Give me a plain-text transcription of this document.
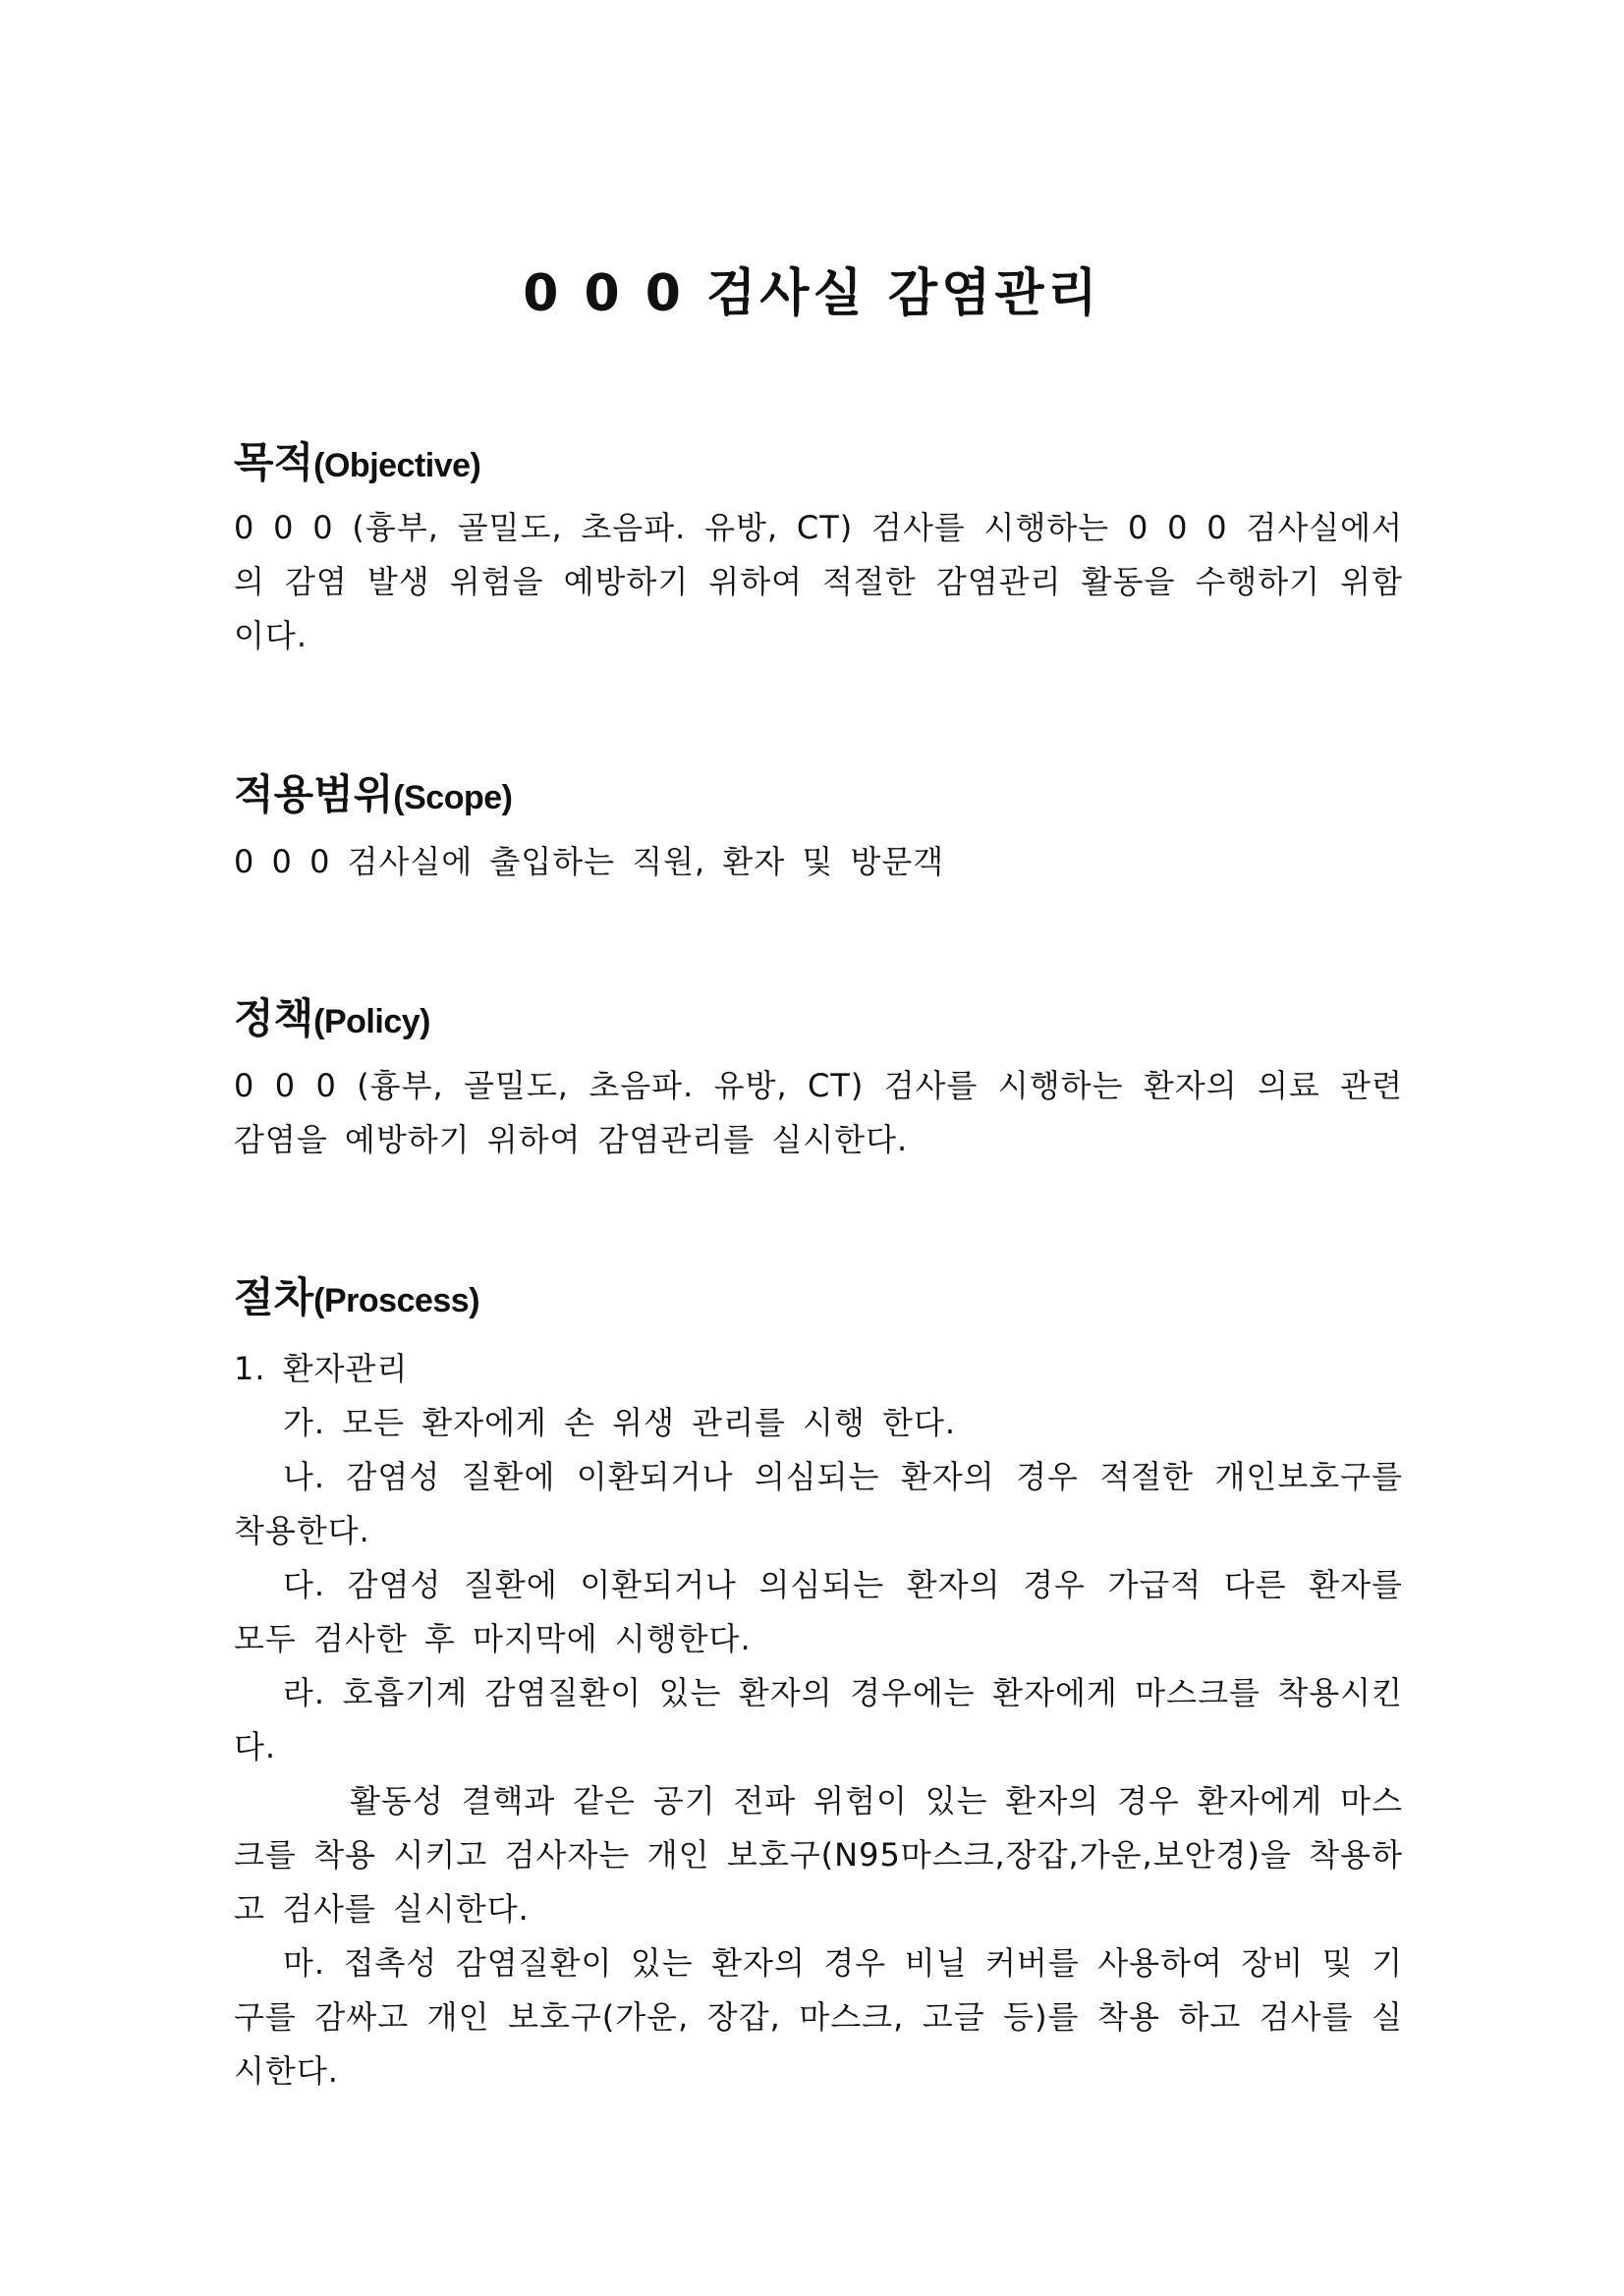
0 0 0 검사실 감염관리
목적(Objective)

0 0 0 (흉부, 골밀도, 초음파. 유방, CT) 검사를 시행하는 0 0 0 검사실에서의 감염 발생 위험을 예방하기 위하여 적절한 감염관리 활동을 수행하기 위함이다.

적용범위(Scope)

0 0 0 검사실에 출입하는 직원, 환자 및 방문객

정책(Policy)

0 0 0 (흉부, 골밀도, 초음파. 유방, CT) 검사를 시행하는 환자의 의료 관련 감염을 예방하기 위하여 감염관리를 실시한다.

절차(Proscess)

1. 환자관리

가. 모든 환자에게 손 위생 관리를 시행 한다.

나. 감염성 질환에 이환되거나 의심되는 환자의 경우 적절한 개인보호구를 착용한다.

다. 감염성 질환에 이환되거나 의심되는 환자의 경우 가급적 다른 환자를 모두 검사한 후 마지막에 시행한다.

라. 호흡기계 감염질환이 있는 환자의 경우에는 환자에게 마스크를 착용시킨다.

활동성 결핵과 같은 공기 전파 위험이 있는 환자의 경우 환자에게 마스크를 착용 시키고 검사자는 개인 보호구(N95마스크,장갑,가운,보안경)을 착용하고 검사를 실시한다.

마. 접촉성 감염질환이 있는 환자의 경우 비닐 커버를 사용하여 장비 및 기구를 감싸고 개인 보호구(가운, 장갑, 마스크, 고글 등)를 착용 하고 검사를 실시한다.
